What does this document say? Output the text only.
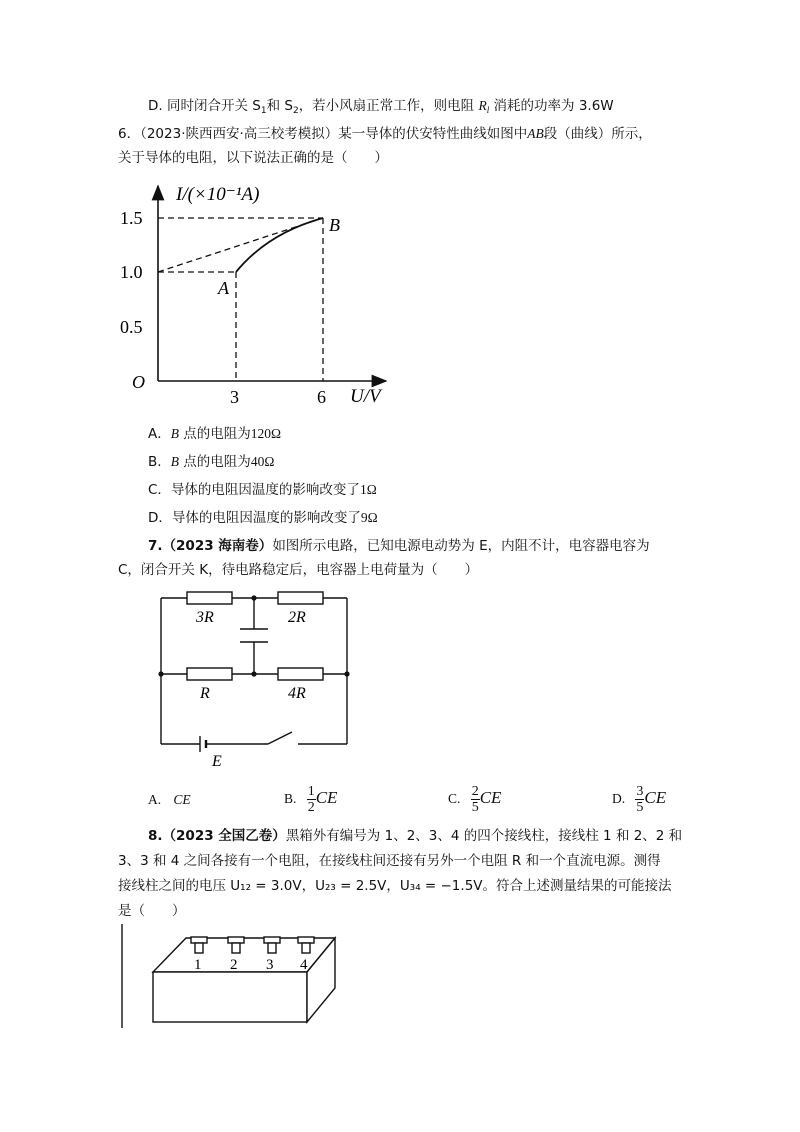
D. 同时闭合开关 $S_1$和 $S_2$，若小风扇正常工作，则电阻 $R_l$ 消耗的功率为 3.6W
6．（2023·陕西西安·高三校考模拟）某一导体的伏安特性曲线如图中AB段（曲线）所示，
关于导体的电阻，以下说法正确的是（　　）
I/(×10⁻¹A)
U/V
O
1.5
1.0
0.5
3	6
A
B
A．B 点的电阻为120Ω
B．B 点的电阻为40Ω
C．导体的电阻因温度的影响改变了1Ω
D．导体的电阻因温度的影响改变了9Ω
7.（2023 海南卷）如图所示电路，已知电源电动势为 E，内阻不计，电容器电容为
C，闭合开关 K，待电路稳定后，电容器上电荷量为（　　）
3R	2R
R	4R
E
A. CE	B. $\frac{1}{2}$ CE	C. $\frac{2}{5}$ CE	D. $\frac{3}{5}$ CE
8.（2023 全国乙卷）黑箱外有编号为 1、2、3、4 的四个接线柱，接线柱 1 和 2、2 和
3、3 和 4 之间各接有一个电阻，在接线柱间还接有另外一个电阻 R 和一个直流电源。测得
接线柱之间的电压 U₁₂ = 3.0V，U₂₃ = 2.5V，U₃₄ = −1.5V。符合上述测量结果的可能接法
是（　　）
1 2 3 4
